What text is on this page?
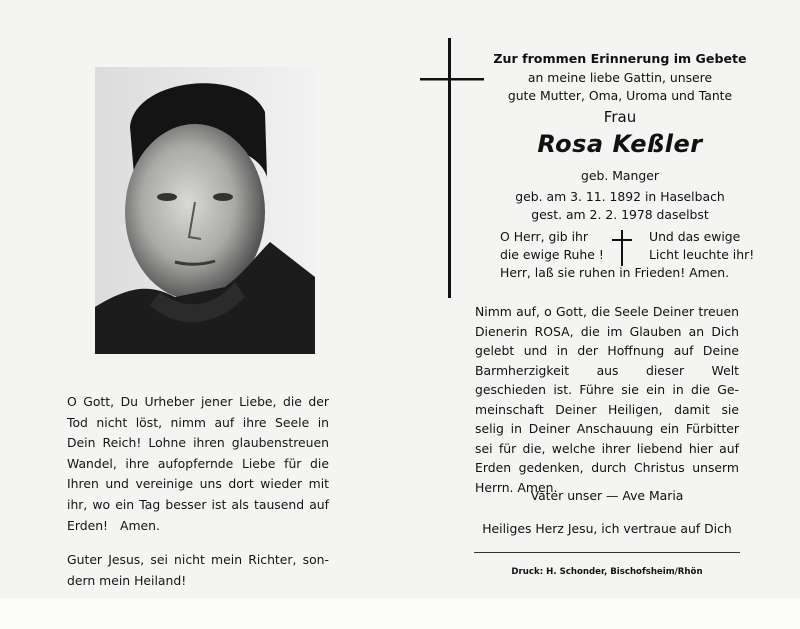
O Gott, Du Urheber jener Liebe, die der Tod nicht löst, nimm auf ihre Seele in Dein Reich! Lohne ihren glaubenstreuen Wandel, ihre aufopfernde Liebe für die Ihren und vereinige uns dort wieder mit ihr, wo ein Tag besser ist als tausend auf Erden! Amen.

Guter Jesus, sei nicht mein Richter, sondern mein Heiland!

Zur frommen Erinnerung im Gebete
an meine liebe Gattin, unsere
gute Mutter, Oma, Uroma und Tante
Frau
Rosa Keßler
geb. Manger
geb. am 3. 11. 1892 in Haselbach
gest. am 2. 2. 1978 daselbst
O Herr, gib ihr
die ewige Ruhe !
Und das ewige
Licht leuchte ihr!
Herr, laß sie ruhen in Frieden! Amen.
Nimm auf, o Gott, die Seele Deiner treuen Dienerin ROSA, die im Glauben an Dich gelebt und in der Hoffnung auf Deine Barmherzigkeit aus dieser Welt geschieden ist. Führe sie ein in die Gemeinschaft Deiner Heiligen, damit sie selig in Deiner Anschauung ein Fürbitter sei für die, welche ihrer liebend hier auf Erden gedenken, durch Christus unserm Herrn. Amen.
Vater unser — Ave Maria
Heiliges Herz Jesu, ich vertraue auf Dich
Druck: H. Schonder, Bischofsheim/Rhön
